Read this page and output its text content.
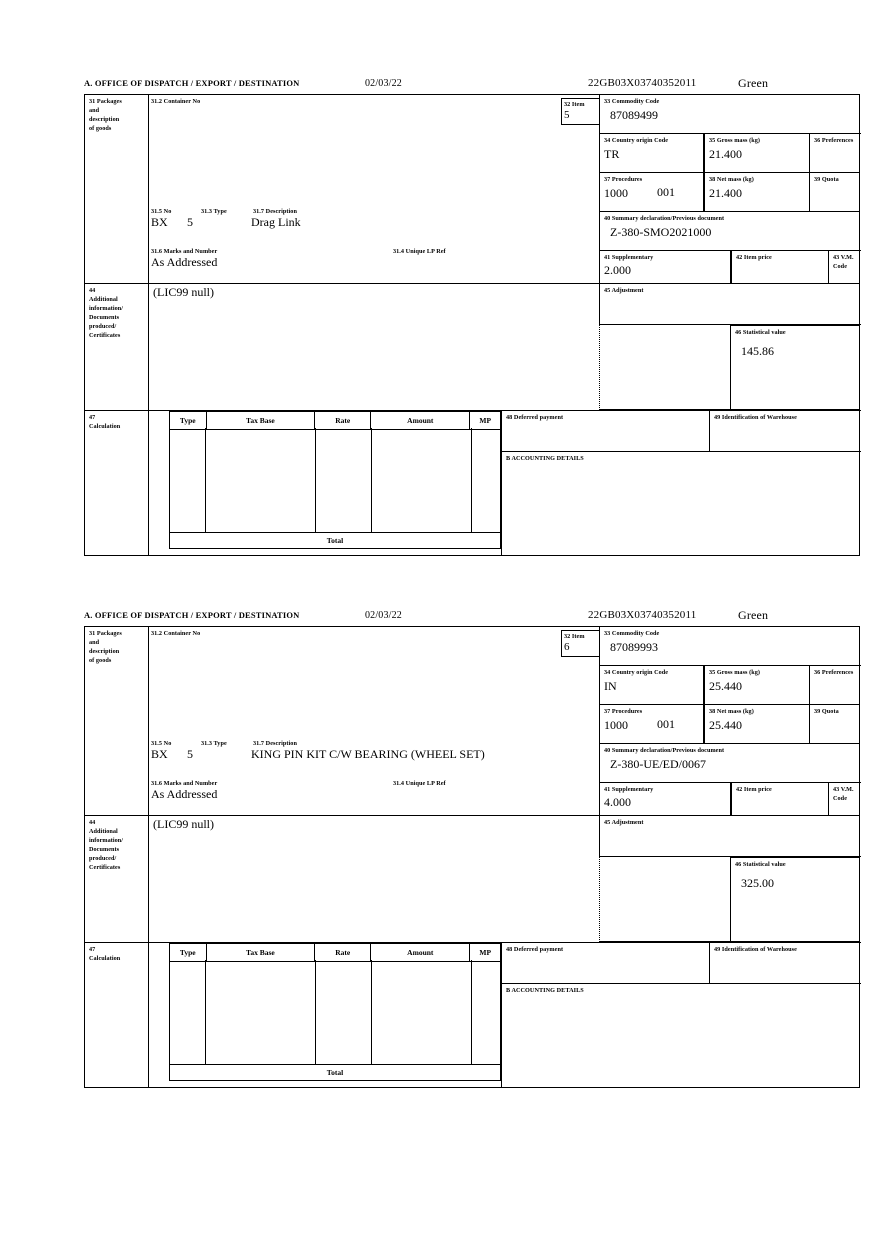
A. OFFICE OF DISPATCH / EXPORT / DESTINATION	02/03/22	22GB03X03740352011	Green
31 Packages
and
description
of goods
31.2 Container No
31.5 No	31.3 Type	31.7 Description
BX 5	Drag Link
31.6 Marks and Number	31.4 Unique LP Ref
As Addressed
32 Item
5
33 Commodity Code
87089499
34 Country origin Code
TR
35 Gross mass (kg)
21.400
36 Preferences
37 Procedures
1000	001
38 Net mass (kg)
21.400
39 Quota
40 Summary declaration/Previous document
Z-380-SMO2021000
41 Supplementary
2.000
42 Item price	43 V.M. Code
45 Adjustment
46 Statistical value
145.86
44
Additional
information/
Documents
produced/
Certificates
(LIC99 null)
47
Calculation
Type	Tax Base	Rate	Amount	MP
Total
48 Deferred payment	49 Identification of Warehouse
B ACCOUNTING DETAILS
A. OFFICE OF DISPATCH / EXPORT / DESTINATION	02/03/22	22GB03X03740352011	Green
31 Packages
and
description
of goods
31.2 Container No
31.5 No	31.3 Type	31.7 Description
BX 5	KING PIN KIT C/W BEARING (WHEEL SET)
31.6 Marks and Number	31.4 Unique LP Ref
As Addressed
32 Item
6
33 Commodity Code
87089993
34 Country origin Code
IN
35 Gross mass (kg)
25.440
36 Preferences
37 Procedures
1000	001
38 Net mass (kg)
25.440
39 Quota
40 Summary declaration/Previous document
Z-380-UE/ED/0067
41 Supplementary
4.000
42 Item price	43 V.M. Code
45 Adjustment
46 Statistical value
325.00
44
Additional
information/
Documents
produced/
Certificates
(LIC99 null)
47
Calculation
Type	Tax Base	Rate	Amount	MP
Total
48 Deferred payment	49 Identification of Warehouse
B ACCOUNTING DETAILS
